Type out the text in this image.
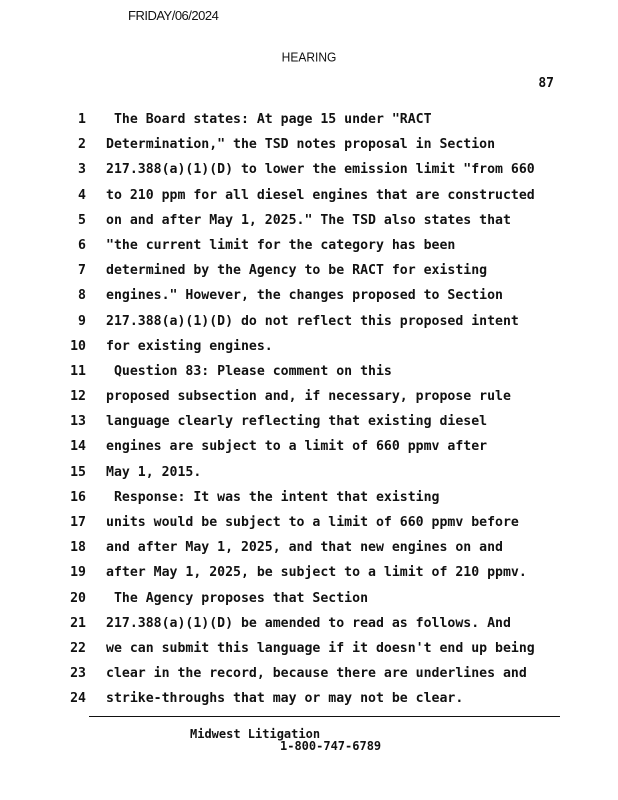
FRIDAY/06/2024
HEARING
87
1 The Board states: At page 15 under "RACT
2 Determination," the TSD notes proposal in Section
3 217.388(a)(1)(D) to lower the emission limit "from 660
4 to 210 ppm for all diesel engines that are constructed
5 on and after May 1, 2025." The TSD also states that
6 "the current limit for the category has been
7 determined by the Agency to be RACT for existing
8 engines." However, the changes proposed to Section
9 217.388(a)(1)(D) do not reflect this proposed intent
10 for existing engines.
11 Question 83: Please comment on this
12 proposed subsection and, if necessary, propose rule
13 language clearly reflecting that existing diesel
14 engines are subject to a limit of 660 ppmv after
15 May 1, 2015.
16 Response: It was the intent that existing
17 units would be subject to a limit of 660 ppmv before
18 and after May 1, 2025, and that new engines on and
19 after May 1, 2025, be subject to a limit of 210 ppmv.
20 The Agency proposes that Section
21 217.388(a)(1)(D) be amended to read as follows. And
22 we can submit this language if it doesn't end up being
23 clear in the record, because there are underlines and
24 strike-throughs that may or may not be clear.
Midwest Litigation
1-800-747-6789
